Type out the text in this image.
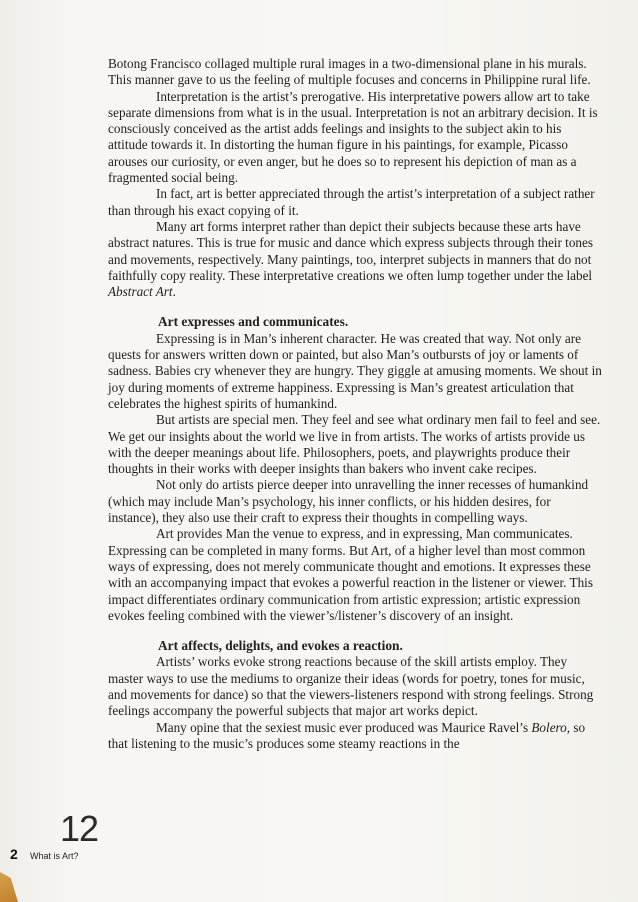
Botong Francisco collaged multiple rural images in a two-dimensional plane in his murals. This manner gave to us the feeling of multiple focuses and concerns in Philippine rural life.

Interpretation is the artist’s prerogative. His interpretative powers allow art to take separate dimensions from what is in the usual. Interpretation is not an arbitrary decision. It is consciously conceived as the artist adds feelings and insights to the subject akin to his attitude towards it. In distorting the human figure in his paintings, for example, Picasso arouses our curiosity, or even anger, but he does so to represent his depiction of man as a fragmented social being.

In fact, art is better appreciated through the artist’s interpretation of a subject rather than through his exact copying of it.

Many art forms interpret rather than depict their subjects because these arts have abstract natures. This is true for music and dance which express subjects through their tones and movements, respectively. Many paintings, too, interpret subjects in manners that do not faithfully copy reality. These interpretative creations we often lump together under the label Abstract Art.

Art expresses and communicates.

Expressing is in Man’s inherent character. He was created that way. Not only are quests for answers written down or painted, but also Man’s outbursts of joy or laments of sadness. Babies cry whenever they are hungry. They giggle at amusing moments. We shout in joy during moments of extreme happiness. Expressing is Man’s greatest articulation that celebrates the highest spirits of humankind.

But artists are special men. They feel and see what ordinary men fail to feel and see. We get our insights about the world we live in from artists. The works of artists provide us with the deeper meanings about life. Philosophers, poets, and playwrights produce their thoughts in their works with deeper insights than bakers who invent cake recipes.

Not only do artists pierce deeper into unravelling the inner recesses of humankind (which may include Man’s psychology, his inner conflicts, or his hidden desires, for instance), they also use their craft to express their thoughts in compelling ways.

Art provides Man the venue to express, and in expressing, Man communicates. Expressing can be completed in many forms. But Art, of a higher level than most common ways of expressing, does not merely communicate thought and emotions. It expresses these with an accompanying impact that evokes a powerful reaction in the listener or viewer. This impact differentiates ordinary communication from artistic expression; artistic expression evokes feeling combined with the viewer’s/listener’s discovery of an insight.

Art affects, delights, and evokes a reaction.

Artists’ works evoke strong reactions because of the skill artists employ. They master ways to use the mediums to organize their ideas (words for poetry, tones for music, and movements for dance) so that the viewers-listeners respond with strong feelings. Strong feelings accompany the powerful subjects that major art works depict.

Many opine that the sexiest music ever produced was Maurice Ravel’s Bolero, so that listening to the music’s produces some steamy reactions in the

12
2 What is Art?
